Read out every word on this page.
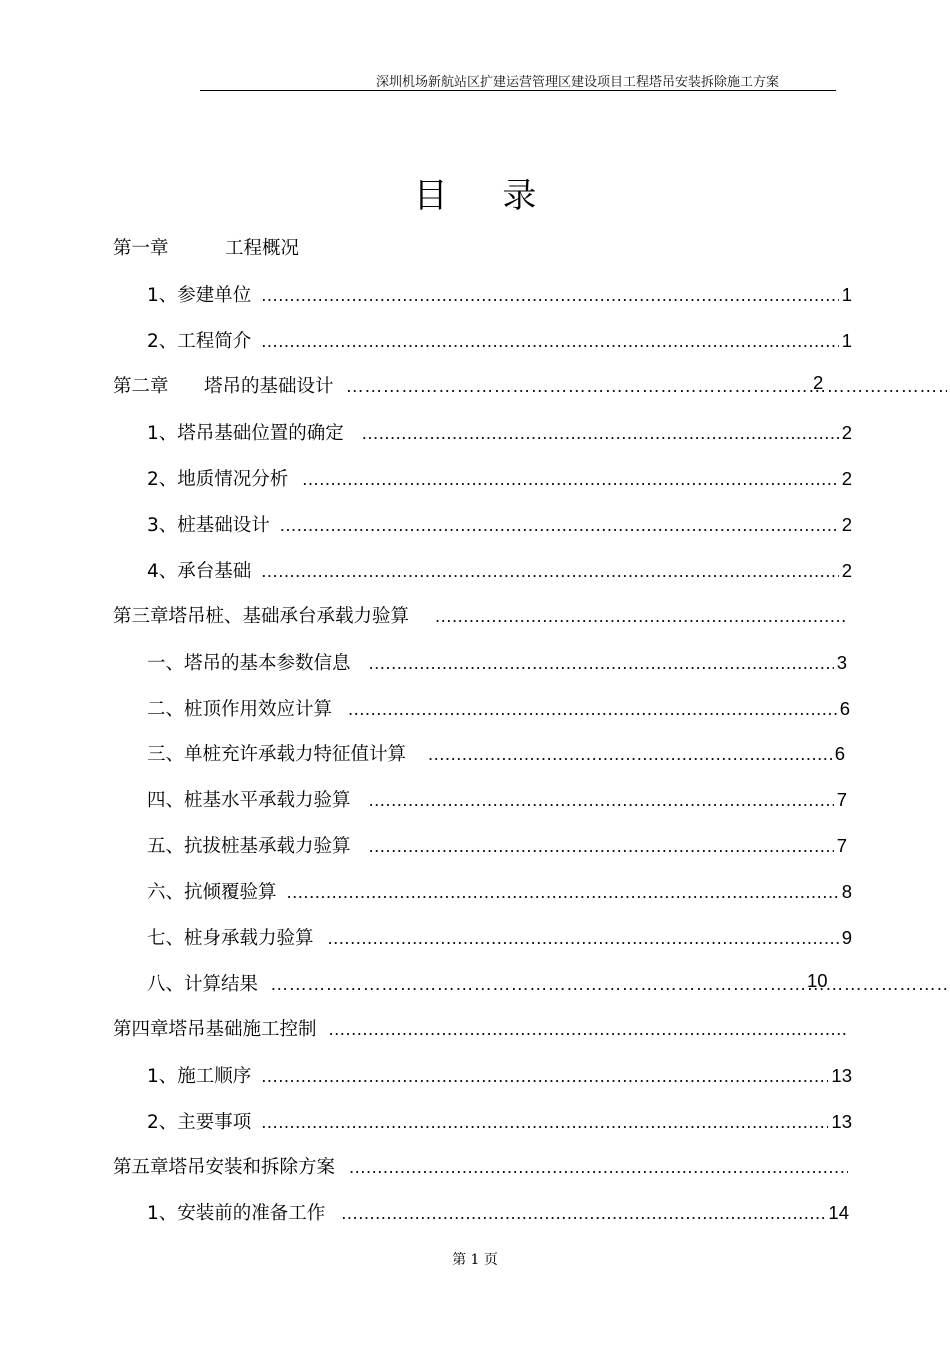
深圳机场新航站区扩建运营管理区建设项目工程塔吊安装拆除施工方案
目 录
第一章	工程概况
1、参建单位 .....	1
2、工程简介 .....	1
第二章	塔吊的基础设计 …………………………………………………………………………………………………………	2
1、塔吊基础位置的确定 .....	2
2、地质情况分析 .....	2
3、桩基础设计 .....	2
4、承台基础 .....	2
第三章 塔吊桩、基础承台承载力验算
.....
一、塔吊的基本参数信息 .....	3
二、桩顶作用效应计算 .....	6
三、单桩充许承载力特征值计算 .....	6
四、桩基水平承载力验算 .....	7
五、抗拔桩基承载力验算 .....	7
六、抗倾覆验算 .....	8
七、桩身承载力验算 .....	9
八、计算结果 …………………………………………………………………………………………………………	10
第四章 塔吊基础施工控制
.....
1、施工顺序 .....	13
2、主要事项 .....	13
第五章 塔吊安装和拆除方案
.....
1、安装前的准备工作 .....	14
第 1 页
